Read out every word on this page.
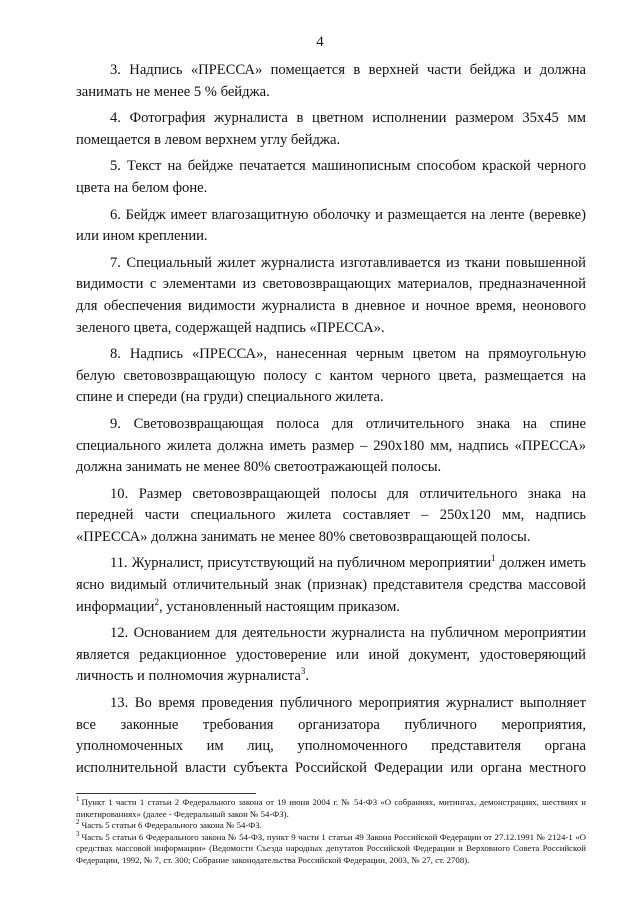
4

3. Надпись «ПРЕССА» помещается в верхней части бейджа и должна занимать не менее 5 % бейджа.

4. Фотография журналиста в цветном исполнении размером 35x45 мм помещается в левом верхнем углу бейджа.

5. Текст на бейдже печатается машинописным способом краской черного цвета на белом фоне.

6. Бейдж имеет влагозащитную оболочку и размещается на ленте (веревке) или ином креплении.

7. Специальный жилет журналиста изготавливается из ткани повышенной видимости с элементами из световозвращающих материалов, предназначенной для обеспечения видимости журналиста в дневное и ночное время, неонового зеленого цвета, содержащей надпись «ПРЕССА».

8. Надпись «ПРЕССА», нанесенная черным цветом на прямоугольную белую световозвращающую полосу с кантом черного цвета, размещается на спине и спереди (на груди) специального жилета.

9. Световозвращающая полоса для отличительного знака на спине специального жилета должна иметь размер – 290x180 мм, надпись «ПРЕССА» должна занимать не менее 80% светоотражающей полосы.

10. Размер световозвращающей полосы для отличительного знака на передней части специального жилета составляет – 250x120 мм, надпись «ПРЕССА» должна занимать не менее 80% световозвращающей полосы.

11. Журналист, присутствующий на публичном мероприятии$^1$ должен иметь ясно видимый отличительный знак (признак) представителя средства массовой информации$^2$, установленный настоящим приказом.

12. Основанием для деятельности журналиста на публичном мероприятии является редакционное удостоверение или иной документ, удостоверяющий личность и полномочия журналиста$^3$.

13. Во время проведения публичного мероприятия журналист выполняет все законные требования организатора публичного мероприятия, уполномоченных им лиц, уполномоченного представителя органа исполнительной власти субъекта Российской Федерации или органа местного

$^1$ Пункт 1 части 1 статьи 2 Федерального закона от 19 июня 2004 г. № 54-ФЗ «О собраниях, митингах, демонстрациях, шествиях и пикетированиях» (далее - Федеральный закон № 54-ФЗ).

$^2$ Часть 5 статьи 6 Федерального закона № 54-ФЗ.

$^3$ Часть 5 статьи 6 Федерального закона № 54-ФЗ, пункт 9 части 1 статьи 49 Закона Российской Федерации от 27.12.1991 № 2124-1 «О средствах массовой информации» (Ведомости Съезда народных депутатов Российской Федерации и Верховного Совета Российской Федерации, 1992, № 7, ст. 300; Собрание законодательства Российской Федерации, 2003, № 27, ст. 2708).
